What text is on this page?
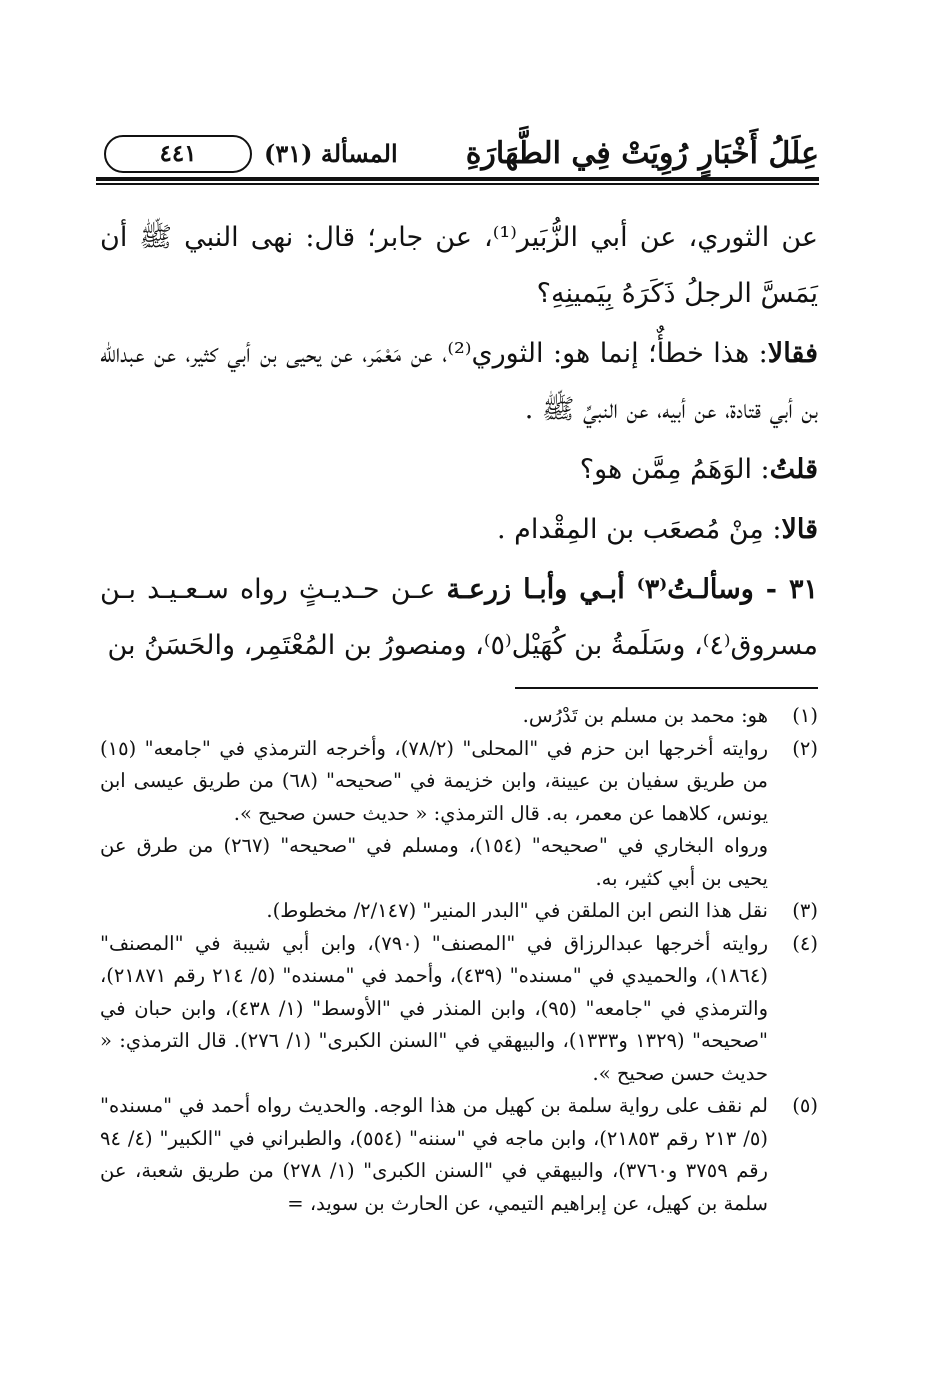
عِلَلُ أَخْبَارٍ رُوِيَتْ فِي الطَّهَارَةِ
المسألة (٣١)
٤٤١

عن الثوري، عن أبي الزُّبَير⁽¹⁾، عن جابر؛ قال: نهى النبي ﷺ أن يَمَسَّ الرجلُ ذَكَرَهُ بِيَمينِهِ؟

فقالا: هذا خطأٌ؛ إنما هو: الثوري⁽²⁾، عن مَعْمَر، عن يحيى بن أبي كثير، عن عبدالله بن أبي قتادة، عن أبيه، عن النبيِّ ﷺ .

قلتُ: الوَهَمُ مِمَّن هو؟

قالا: مِنْ مُصعَب بن المِقْدام .

٣١ - وسألـتُ⁽٣⁾ أبـي وأبـا زرعـة عـن حـديـثٍ رواه سـعـيـد بـن مسروق⁽٤⁾، وسَلَمةُ بن كُهَيْل⁽٥⁾، ومنصورُ بن المُعْتَمِر، والحَسَنُ بن

(١)
هو: محمد بن مسلم بن تَدْرُس.
(٢)
روايته أخرجها ابن حزم في "المحلى" (٧٨/٢)، وأخرجه الترمذي في "جامعه" (١٥) من طريق سفيان بن عيينة، وابن خزيمة في "صحيحه" (٦٨) من طريق عيسى ابن يونس، كلاهما عن معمر، به. قال الترمذي: « حديث حسن صحيح ».
ورواه البخاري في "صحيحه" (١٥٤)، ومسلم في "صحيحه" (٢٦٧) من طرق عن يحيى بن أبي كثير، به.
(٣)
نقل هذا النص ابن الملقن في "البدر المنير" (٢/١٤٧/ مخطوط).
(٤)
روايته أخرجها عبدالرزاق في "المصنف" (٧٩٠)، وابن أبي شيبة في "المصنف" (١٨٦٤)، والحميدي في "مسنده" (٤٣٩)، وأحمد في "مسنده" (٥/ ٢١٤ رقم ٢١٨٧١)، والترمذي في "جامعه" (٩٥)، وابن المنذر في "الأوسط" (١/ ٤٣٨)، وابن حبان في "صحيحه" (١٣٢٩ و١٣٣٣)، والبيهقي في "السنن الكبرى" (١/ ٢٧٦). قال الترمذي: « حديث حسن صحيح ».
(٥)
لم نقف على رواية سلمة بن كهيل من هذا الوجه. والحديث رواه أحمد في "مسنده" (٥/ ٢١٣ رقم ٢١٨٥٣)، وابن ماجه في "سننه" (٥٥٤)، والطبراني في "الكبير" (٤/ ٩٤ رقم ٣٧٥٩ و٣٧٦٠)، والبيهقي في "السنن الكبرى" (١/ ٢٧٨) من طريق شعبة، عن سلمة بن كهيل، عن إبراهيم التيمي، عن الحارث بن سويد، =
